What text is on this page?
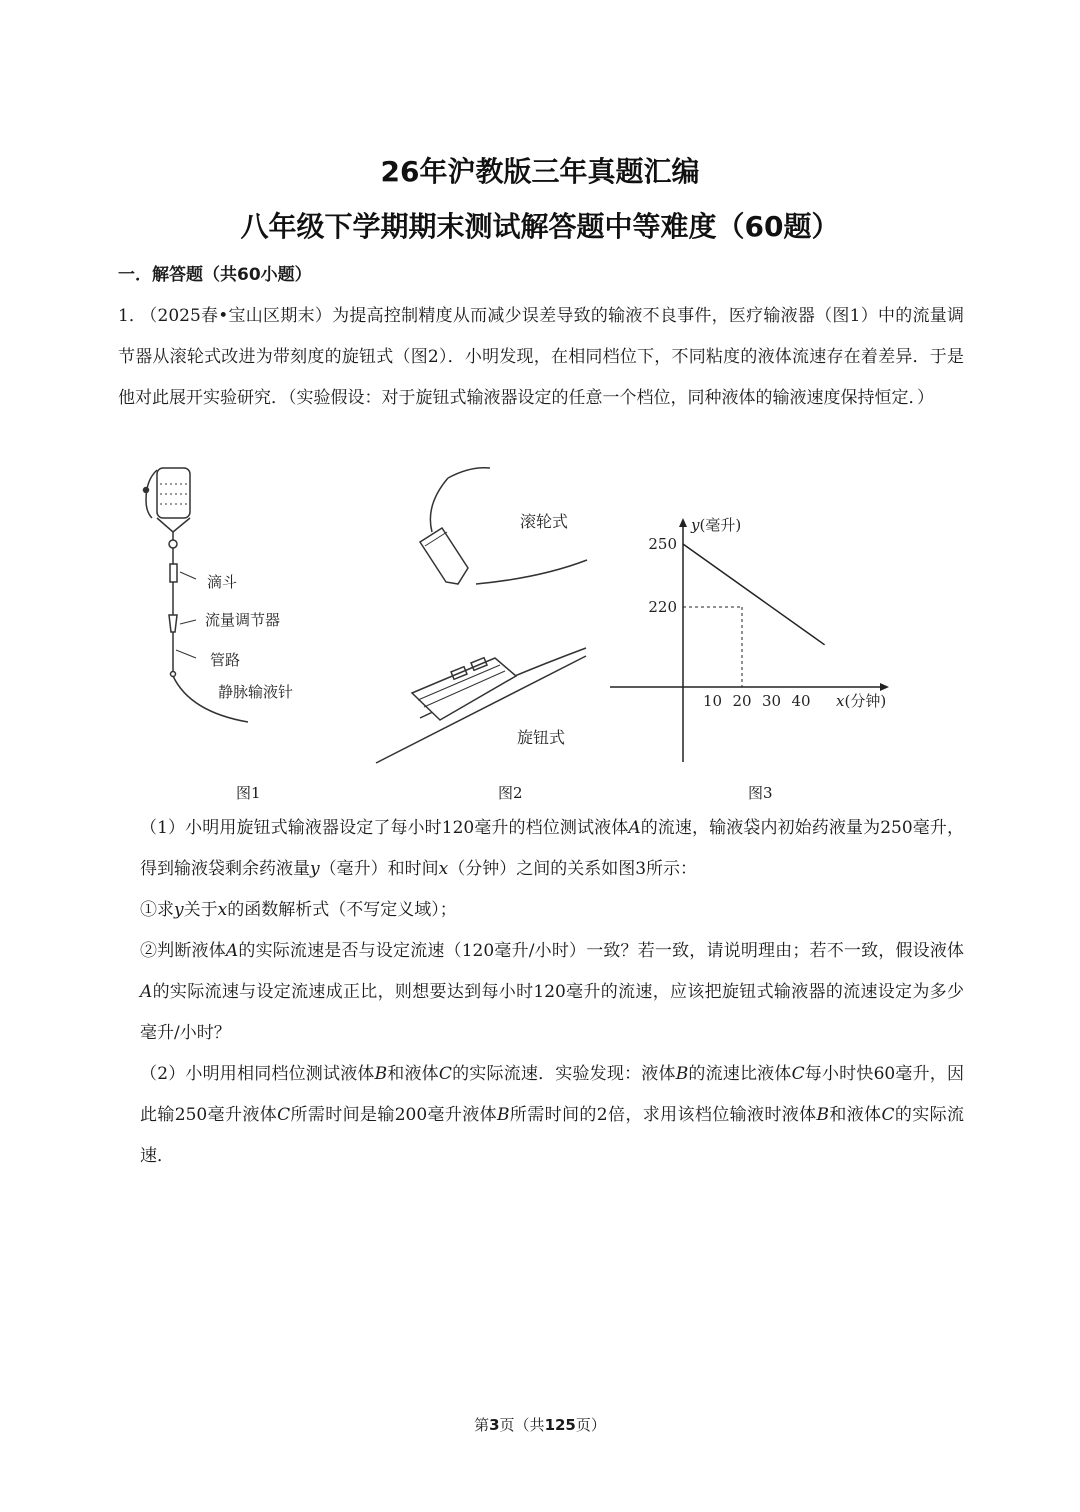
26年沪教版三年真题汇编
八年级下学期期末测试解答题中等难度（60题）
一．解答题（共60小题）
1．（2025春•宝山区期末）为提高控制精度从而减少误差导致的输液不良事件，医疗输液器（图1）中的流量调节器从滚轮式改进为带刻度的旋钮式（图2）．小明发现，在相同档位下，不同粘度的液体流速存在着差异．于是他对此展开实验研究．（实验假设：对于旋钮式输液器设定的任意一个档位，同种液体的输液速度保持恒定．）
滴斗
流量调节器
管路
静脉输液针
滚轮式
旋钮式
10 20 30 40
250
220
y(毫升)
x(分钟)
图1	图2	图3
（1）小明用旋钮式输液器设定了每小时120毫升的档位测试液体A的流速，输液袋内初始药液量为250毫升，得到输液袋剩余药液量y（毫升）和时间x（分钟）之间的关系如图3所示：
①求y关于x的函数解析式（不写定义域）；
②判断液体A的实际流速是否与设定流速（120毫升/小时）一致？若一致，请说明理由；若不一致，假设液体A的实际流速与设定流速成正比，则想要达到每小时120毫升的流速，应该把旋钮式输液器的流速设定为多少毫升/小时？
（2）小明用相同档位测试液体B和液体C的实际流速．实验发现：液体B的流速比液体C每小时快60毫升，因此输250毫升液体C所需时间是输200毫升液体B所需时间的2倍，求用该档位输液时液体B和液体C的实际流速．
第3页（共125页）
